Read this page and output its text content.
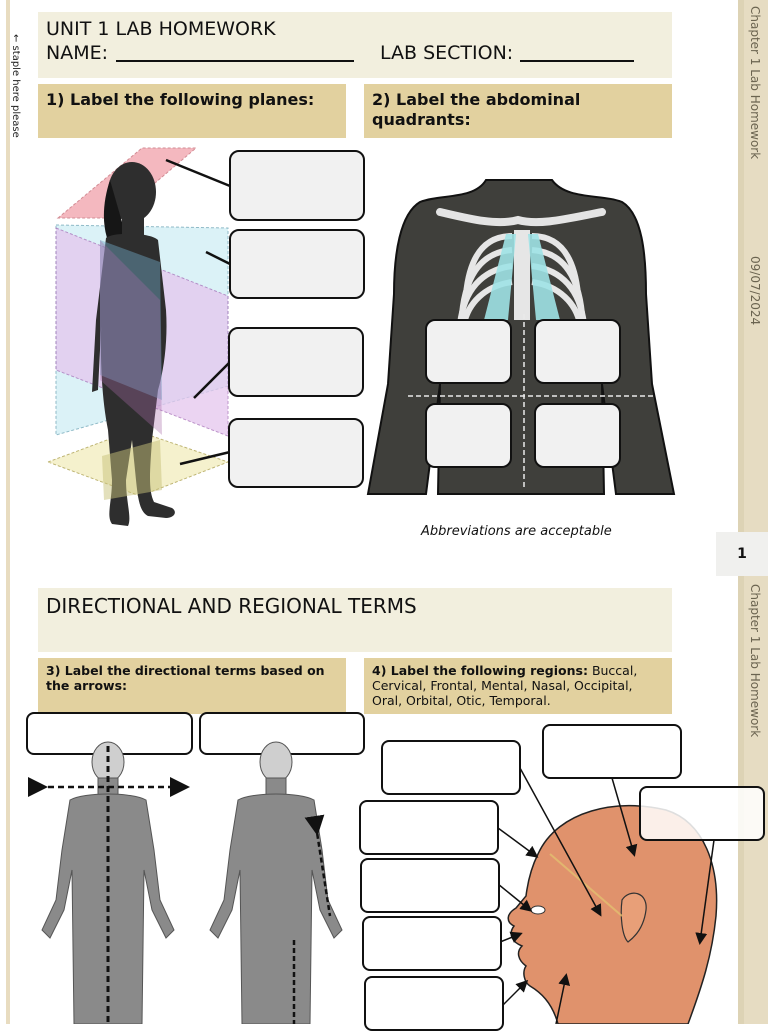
← staple here please	Chapter 1 Lab Homework
09/07/2024
1
Chapter 1 Lab Homework
UNIT 1 LAB HOMEWORK
NAME:	LAB SECTION:
1) Label the following planes:	2) Label the abdominal quadrants:
Abbreviations are acceptable
DIRECTIONAL AND REGIONAL TERMS
3) Label the directional terms based on the arrows:
4) Label the following regions: Buccal, Cervical, Frontal, Mental, Nasal, Occipital, Oral, Orbital, Otic, Temporal.
